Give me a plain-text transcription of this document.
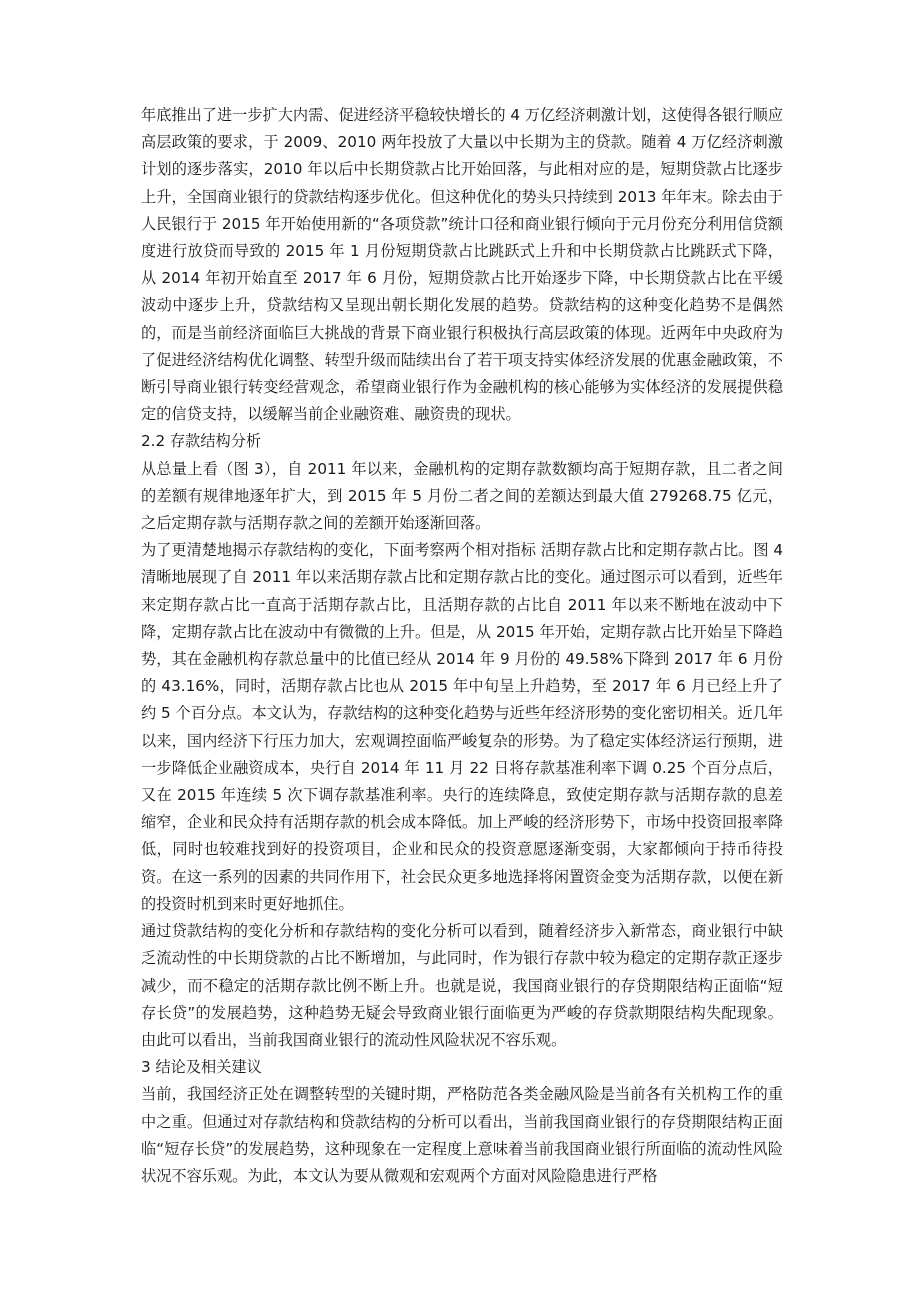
年底推出了进一步扩大内需、促进经济平稳较快增长的 4 万亿经济刺激计划，这使得各银行顺应高层政策的要求，于 2009、2010 两年投放了大量以中长期为主的贷款。随着 4 万亿经济刺激计划的逐步落实，2010 年以后中长期贷款占比开始回落，与此相对应的是，短期贷款占比逐步上升，全国商业银行的贷款结构逐步优化。但这种优化的势头只持续到 2013 年年末。除去由于人民银行于 2015 年开始使用新的“各项贷款”统计口径和商业银行倾向于元月份充分利用信贷额度进行放贷而导致的 2015 年 1 月份短期贷款占比跳跃式上升和中长期贷款占比跳跃式下降，从 2014 年初开始直至 2017 年 6 月份，短期贷款占比开始逐步下降，中长期贷款占比在平缓波动中逐步上升，贷款结构又呈现出朝长期化发展的趋势。贷款结构的这种变化趋势不是偶然的，而是当前经济面临巨大挑战的背景下商业银行积极执行高层政策的体现。近两年中央政府为了促进经济结构优化调整、转型升级而陆续出台了若干项支持实体经济发展的优惠金融政策，不断引导商业银行转变经营观念，希望商业银行作为金融机构的核心能够为实体经济的发展提供稳定的信贷支持，以缓解当前企业融资难、融资贵的现状。

2.2 存款结构分析

从总量上看（图 3），自 2011 年以来，金融机构的定期存款数额均高于短期存款，且二者之间的差额有规律地逐年扩大，到 2015 年 5 月份二者之间的差额达到最大值 279268.75 亿元，之后定期存款与活期存款之间的差额开始逐渐回落。

为了更清楚地揭示存款结构的变化，下面考察两个相对指标 活期存款占比和定期存款占比。图 4 清晰地展现了自 2011 年以来活期存款占比和定期存款占比的变化。通过图示可以看到，近些年来定期存款占比一直高于活期存款占比，且活期存款的占比自 2011 年以来不断地在波动中下降，定期存款占比在波动中有微微的上升。但是，从 2015 年开始，定期存款占比开始呈下降趋势，其在金融机构存款总量中的比值已经从 2014 年 9 月份的 49.58%下降到 2017 年 6 月份的 43.16%，同时，活期存款占比也从 2015 年中旬呈上升趋势，至 2017 年 6 月已经上升了约 5 个百分点。本文认为，存款结构的这种变化趋势与近些年经济形势的变化密切相关。近几年以来，国内经济下行压力加大，宏观调控面临严峻复杂的形势。为了稳定实体经济运行预期，进一步降低企业融资成本，央行自 2014 年 11 月 22 日将存款基准利率下调 0.25 个百分点后，又在 2015 年连续 5 次下调存款基准利率。央行的连续降息，致使定期存款与活期存款的息差缩窄，企业和民众持有活期存款的机会成本降低。加上严峻的经济形势下，市场中投资回报率降低，同时也较难找到好的投资项目，企业和民众的投资意愿逐渐变弱，大家都倾向于持币待投资。在这一系列的因素的共同作用下，社会民众更多地选择将闲置资金变为活期存款，以便在新的投资时机到来时更好地抓住。

通过贷款结构的变化分析和存款结构的变化分析可以看到，随着经济步入新常态，商业银行中缺乏流动性的中长期贷款的占比不断增加，与此同时，作为银行存款中较为稳定的定期存款正逐步减少，而不稳定的活期存款比例不断上升。也就是说，我国商业银行的存贷期限结构正面临“短存长贷”的发展趋势，这种趋势无疑会导致商业银行面临更为严峻的存贷款期限结构失配现象。由此可以看出，当前我国商业银行的流动性风险状况不容乐观。

3 结论及相关建议

当前，我国经济正处在调整转型的关键时期，严格防范各类金融风险是当前各有关机构工作的重中之重。但通过对存款结构和贷款结构的分析可以看出，当前我国商业银行的存贷期限结构正面临“短存长贷”的发展趋势，这种现象在一定程度上意味着当前我国商业银行所面临的流动性风险状况不容乐观。为此，本文认为要从微观和宏观两个方面对风险隐患进行严格
